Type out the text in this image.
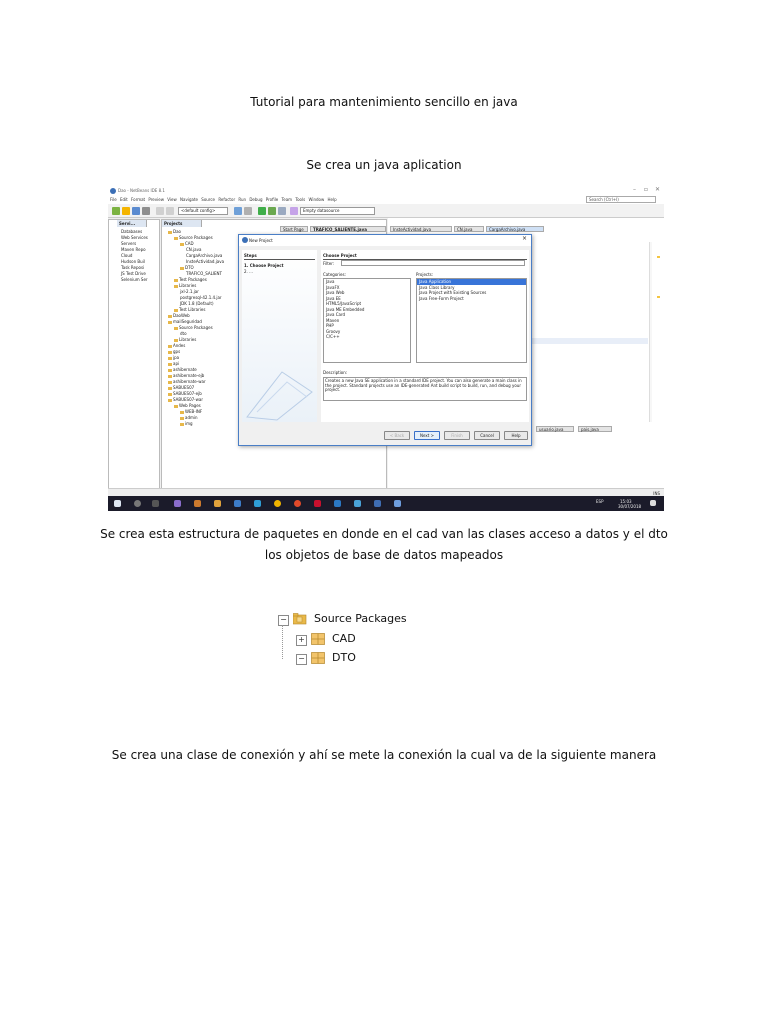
Tutorial para mantenimiento sencillo en java
Se crea un java aplication
Dao - NetBeans IDE 8.1	– ▫ ✕
File Edit Format Preview View Navigate Source Refactor Run Debug Profile Team Tools Window Help	Search (Ctrl+I)
<default config>	Empty datasource
Servi...
Databases
Web Services
Servers
Maven Repo
Cloud
Hudson Buil
Task Reposi
JS Test Drive
Selenium Ser
Projects
Dao
Source Packages
CAD
CN.java
CargaArchivo.java
InsteActividad.java
DTO
TRAFICO_SALIENT
Test Packages
Libraries
jxl-2.1.jar
postgresql-42.1.4.jar
JDK 1.8 (Default)
Test Libraries
DaoWeb
mailSeguridad
Source Packages
dto
Libraries
Andes
gps
jpa
api
ashibernate
ashibernate-ejb
ashibernate-war
SABUES07
SABUES07-ejb
SABUES07-war
Web Pages
WEB-INF
admin
img
Start Page	TRAFICO_SALIENTE.java	InsteActividad.java	CN.java	CargaArchivo.java
usuario.java	pais.java
New Project	×
Steps
1. Choose Project
2. ...
Choose Project
Filter:
Categories:	Projects:
Java
JavaFX
Java Web
Java EE
HTML5/JavaScript
Java ME Embedded
Java Card
Maven
PHP
Groovy
C/C++
Java Application
Java Class Library
Java Project with Existing Sources
Java Free-Form Project
Description:
Creates a new Java SE application in a standard IDE project. You can also generate a main class in the project. Standard projects use an IDE-generated Ant build script to build, run, and debug your project.
< Back	Next >	Finish	Cancel	Help
INS
ESP	15:03
30/07/2018
Se crea esta estructura de paquetes en donde en el cad van las clases acceso a datos y el dto los objetos de base de datos mapeados
− Source Packages
+ CAD
− DTO
Se crea una clase de conexión y ahí se mete la conexión la cual va de la siguiente manera
